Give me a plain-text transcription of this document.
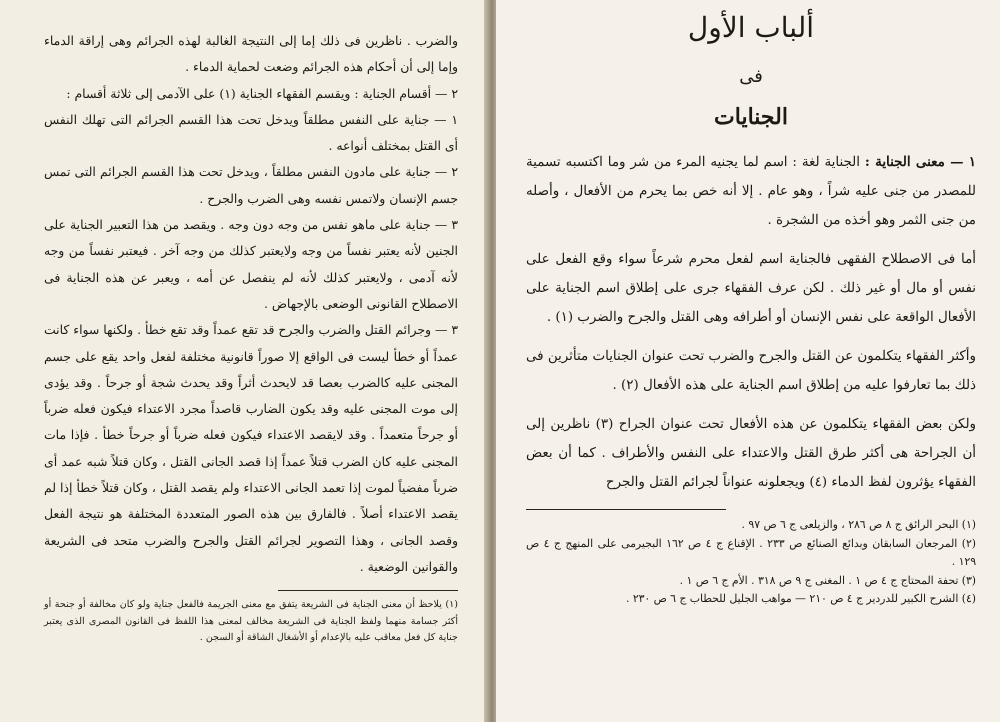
والضرب . ناظرين فى ذلك إما إلى النتيجة الغالبة لهذه الجرائم وهى إراقة الدماء وإما إلى أن أحكام هذه الجرائم وضعت لحماية الدماء .

٢ — أقسام الجناية : ويقسم الفقهاء الجناية (١) على الآدمى إلى ثلاثة أقسام :

١ — جناية على النفس مطلقاً ويدخل تحت هذا القسم الجرائم التى تهلك النفس أى القتل بمختلف أنواعه .

٢ — جناية على مادون النفس مطلقاً ، ويدخل تحت هذا القسم الجرائم التى تمس جسم الإنسان ولاتمس نفسه وهى الضرب والجرح .

٣ — جناية على ماهو نفس من وجه دون وجه . ويقصد من هذا التعبير الجناية على الجنين لأنه يعتبر نفساً من وجه ولايعتبر كذلك من وجه آخر . فيعتبر نفساً من وجه لأنه آدمى ، ولايعتبر كذلك لأنه لم ينفصل عن أمه ، ويعبر عن هذه الجناية فى الاصطلاح القانونى الوضعى بالإجهاض .

٣ — وجرائم القتل والضرب والجرح قد تقع عمداً وقد تقع خطأ . ولكنها سواء كانت عمداً أو خطأ ليست فى الواقع إلا صوراً قانونية مختلفة لفعل واحد يقع على جسم المجنى عليه كالضرب بعصا قد لايحدث أثراً وقد يحدث شجة أو جرحاً . وقد يؤدى إلى موت المجنى عليه وقد يكون الضارب قاصداً مجرد الاعتداء فيكون فعله ضرباً أو جرحاً متعمداً . وقد لايقصد الاعتداء فيكون فعله ضرباً أو جرحاً خطأ . فإذا مات المجنى عليه كان الضرب قتلاً عمداً إذا قصد الجانى القتل ، وكان قتلاً شبه عمد أى ضرباً مفضياً لموت إذا تعمد الجانى الاعتداء ولم يقصد القتل ، وكان قتلاً خطأ إذا لم يقصد الاعتداء أصلاً . فالفارق بين هذه الصور المتعددة المختلفة هو نتيجة الفعل وقصد الجانى ، وهذا التصوير لجرائم القتل والجرح والضرب متحد فى الشريعة والقوانين الوضعية .

(١) يلاحظ أن معنى الجناية فى الشريعة يتفق مع معنى الجريمة فالفعل جناية ولو كان مخالفة أو جنحة أو أكثر جسامة منهما ولفظ الجناية فى الشريعة مخالف لمعنى هذا اللفظ فى القانون المصرى الذى يعتبر جناية كل فعل معاقب عليه بالإعدام أو الأشغال الشاقة أو السجن .

ألباب الأول
فى
الجنايات

١ — معنى الجناية : الجناية لغة : اسم لما يجنيه المرء من شر وما اكتسبه تسمية للمصدر من جنى عليه شراً ، وهو عام . إلا أنه خص بما يحرم من الأفعال ، وأصله من جنى الثمر وهو أخذه من الشجرة .

أما فى الاصطلاح الفقهى فالجناية اسم لفعل محرم شرعاً سواء وقع الفعل على نفس أو مال أو غير ذلك . لكن عرف الفقهاء جرى على إطلاق اسم الجناية على الأفعال الواقعة على نفس الإنسان أو أطرافه وهى القتل والجرح والضرب (١) .

وأكثر الفقهاء يتكلمون عن القتل والجرح والضرب تحت عنوان الجنايات متأثرين فى ذلك بما تعارفوا عليه من إطلاق اسم الجناية على هذه الأفعال (٢) .

ولكن بعض الفقهاء يتكلمون عن هذه الأفعال تحت عنوان الجراح (٣) ناظرين إلى أن الجراحة هى أكثر طرق القتل والاعتداء على النفس والأطراف . كما أن بعض الفقهاء يؤثرون لفظ الدماء (٤) ويجعلونه عنواناً لجرائم القتل والجرح

(١) البحر الرائق ج ٨ ص ٢٨٦ ، والزيلعى ج ٦ ص ٩٧ .

(٢) المرجعان السابقان وبدائع الصنائع ص ٢٣٣ . الإقناع ج ٤ ص ١٦٢ البجيرمى على المنهج ج ٤ ص ١٢٩ .

(٣) تحفة المحتاج ج ٤ ص ١ . المغنى ج ٩ ص ٣١٨ . الأم ج ٦ ص ١ .

(٤) الشرح الكبير للدردير ج ٤ ص ٢١٠ — مواهب الجليل للحطاب ج ٦ ص ٢٣٠ .
